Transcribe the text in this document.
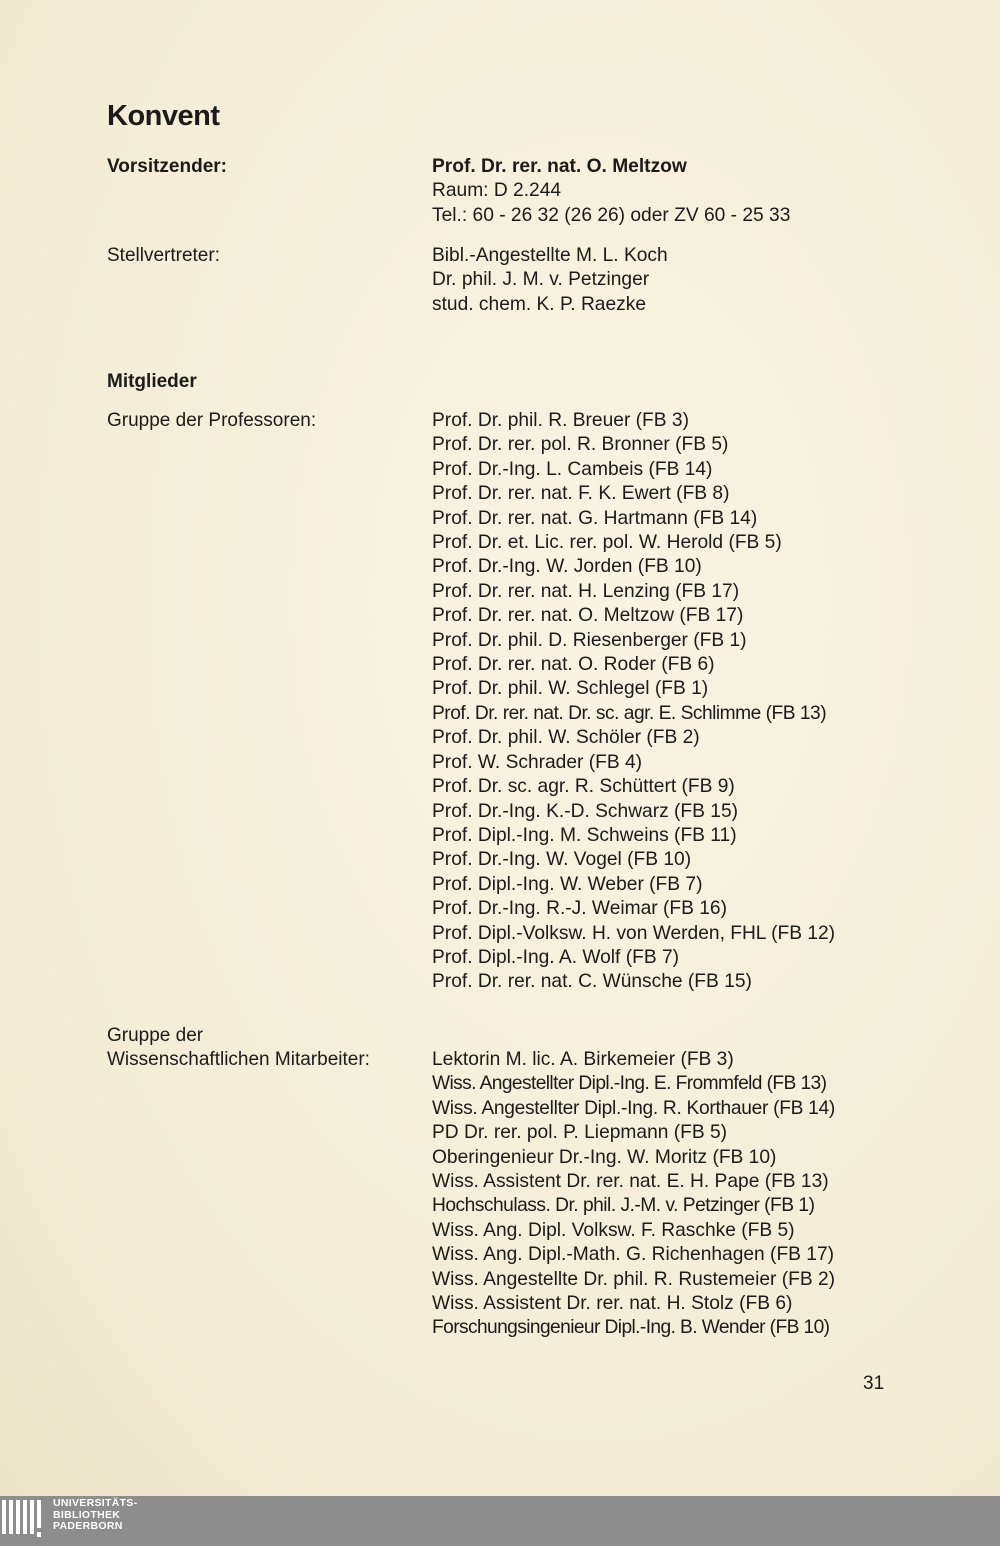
Konvent
Vorsitzender:	Prof. Dr. rer. nat. O. Meltzow
Raum: D 2.244
Tel.: 60 - 26 32 (26 26) oder ZV 60 - 25 33
Stellvertreter:	Bibl.-Angestellte M. L. Koch
Dr. phil. J. M. v. Petzinger
stud. chem. K. P. Raezke
Mitglieder
Gruppe der Professoren:	Prof. Dr. phil. R. Breuer (FB 3)
Prof. Dr. rer. pol. R. Bronner (FB 5)
Prof. Dr.-Ing. L. Cambeis (FB 14)
Prof. Dr. rer. nat. F. K. Ewert (FB 8)
Prof. Dr. rer. nat. G. Hartmann (FB 14)
Prof. Dr. et. Lic. rer. pol. W. Herold (FB 5)
Prof. Dr.-Ing. W. Jorden (FB 10)
Prof. Dr. rer. nat. H. Lenzing (FB 17)
Prof. Dr. rer. nat. O. Meltzow (FB 17)
Prof. Dr. phil. D. Riesenberger (FB 1)
Prof. Dr. rer. nat. O. Roder (FB 6)
Prof. Dr. phil. W. Schlegel (FB 1)
Prof. Dr. rer. nat. Dr. sc. agr. E. Schlimme (FB 13)
Prof. Dr. phil. W. Schöler (FB 2)
Prof. W. Schrader (FB 4)
Prof. Dr. sc. agr. R. Schüttert (FB 9)
Prof. Dr.-Ing. K.-D. Schwarz (FB 15)
Prof. Dipl.-Ing. M. Schweins (FB 11)
Prof. Dr.-Ing. W. Vogel (FB 10)
Prof. Dipl.-Ing. W. Weber (FB 7)
Prof. Dr.-Ing. R.-J. Weimar (FB 16)
Prof. Dipl.-Volksw. H. von Werden, FHL (FB 12)
Prof. Dipl.-Ing. A. Wolf (FB 7)
Prof. Dr. rer. nat. C. Wünsche (FB 15)
Gruppe der
Wissenschaftlichen Mitarbeiter:	Lektorin M. lic. A. Birkemeier (FB 3)
Wiss. Angestellter Dipl.-Ing. E. Frommfeld (FB 13)
Wiss. Angestellter Dipl.-Ing. R. Korthauer (FB 14)
PD Dr. rer. pol. P. Liepmann (FB 5)
Oberingenieur Dr.-Ing. W. Moritz (FB 10)
Wiss. Assistent Dr. rer. nat. E. H. Pape (FB 13)
Hochschulass. Dr. phil. J.-M. v. Petzinger (FB 1)
Wiss. Ang. Dipl. Volksw. F. Raschke (FB 5)
Wiss. Ang. Dipl.-Math. G. Richenhagen (FB 17)
Wiss. Angestellte Dr. phil. R. Rustemeier (FB 2)
Wiss. Assistent Dr. rer. nat. H. Stolz (FB 6)
Forschungsingenieur Dipl.-Ing. B. Wender (FB 10)
31
UNIVERSITÄTS-
BIBLIOTHEK
PADERBORN
